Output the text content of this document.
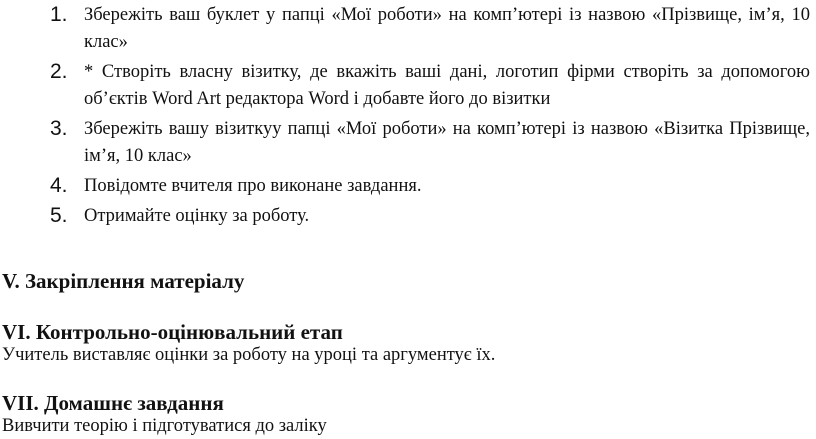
1. Збережіть ваш буклет у папці «Мої роботи» на комп’ютері із назвою «Прізвище, ім’я, 10 клас»
2. * Створіть власну візитку, де вкажіть ваші дані, логотип фірми створіть за допомогою об’єктів Word Art редактора Word і добавте його до візитки
3. Збережіть вашу візиткуу папці «Мої роботи» на комп’ютері із назвою «Візитка Прізвище, ім’я, 10 клас»
4. Повідомте вчителя про виконане завдання.
5. Отримайте оцінку за роботу.
V. Закріплення матеріалу
VI. Контрольно-оцінювальний етап

Учитель виставляє оцінки за роботу на уроці та аргументує їх.

VII. Домашнє завдання

Вивчити теорію і підготуватися до заліку
